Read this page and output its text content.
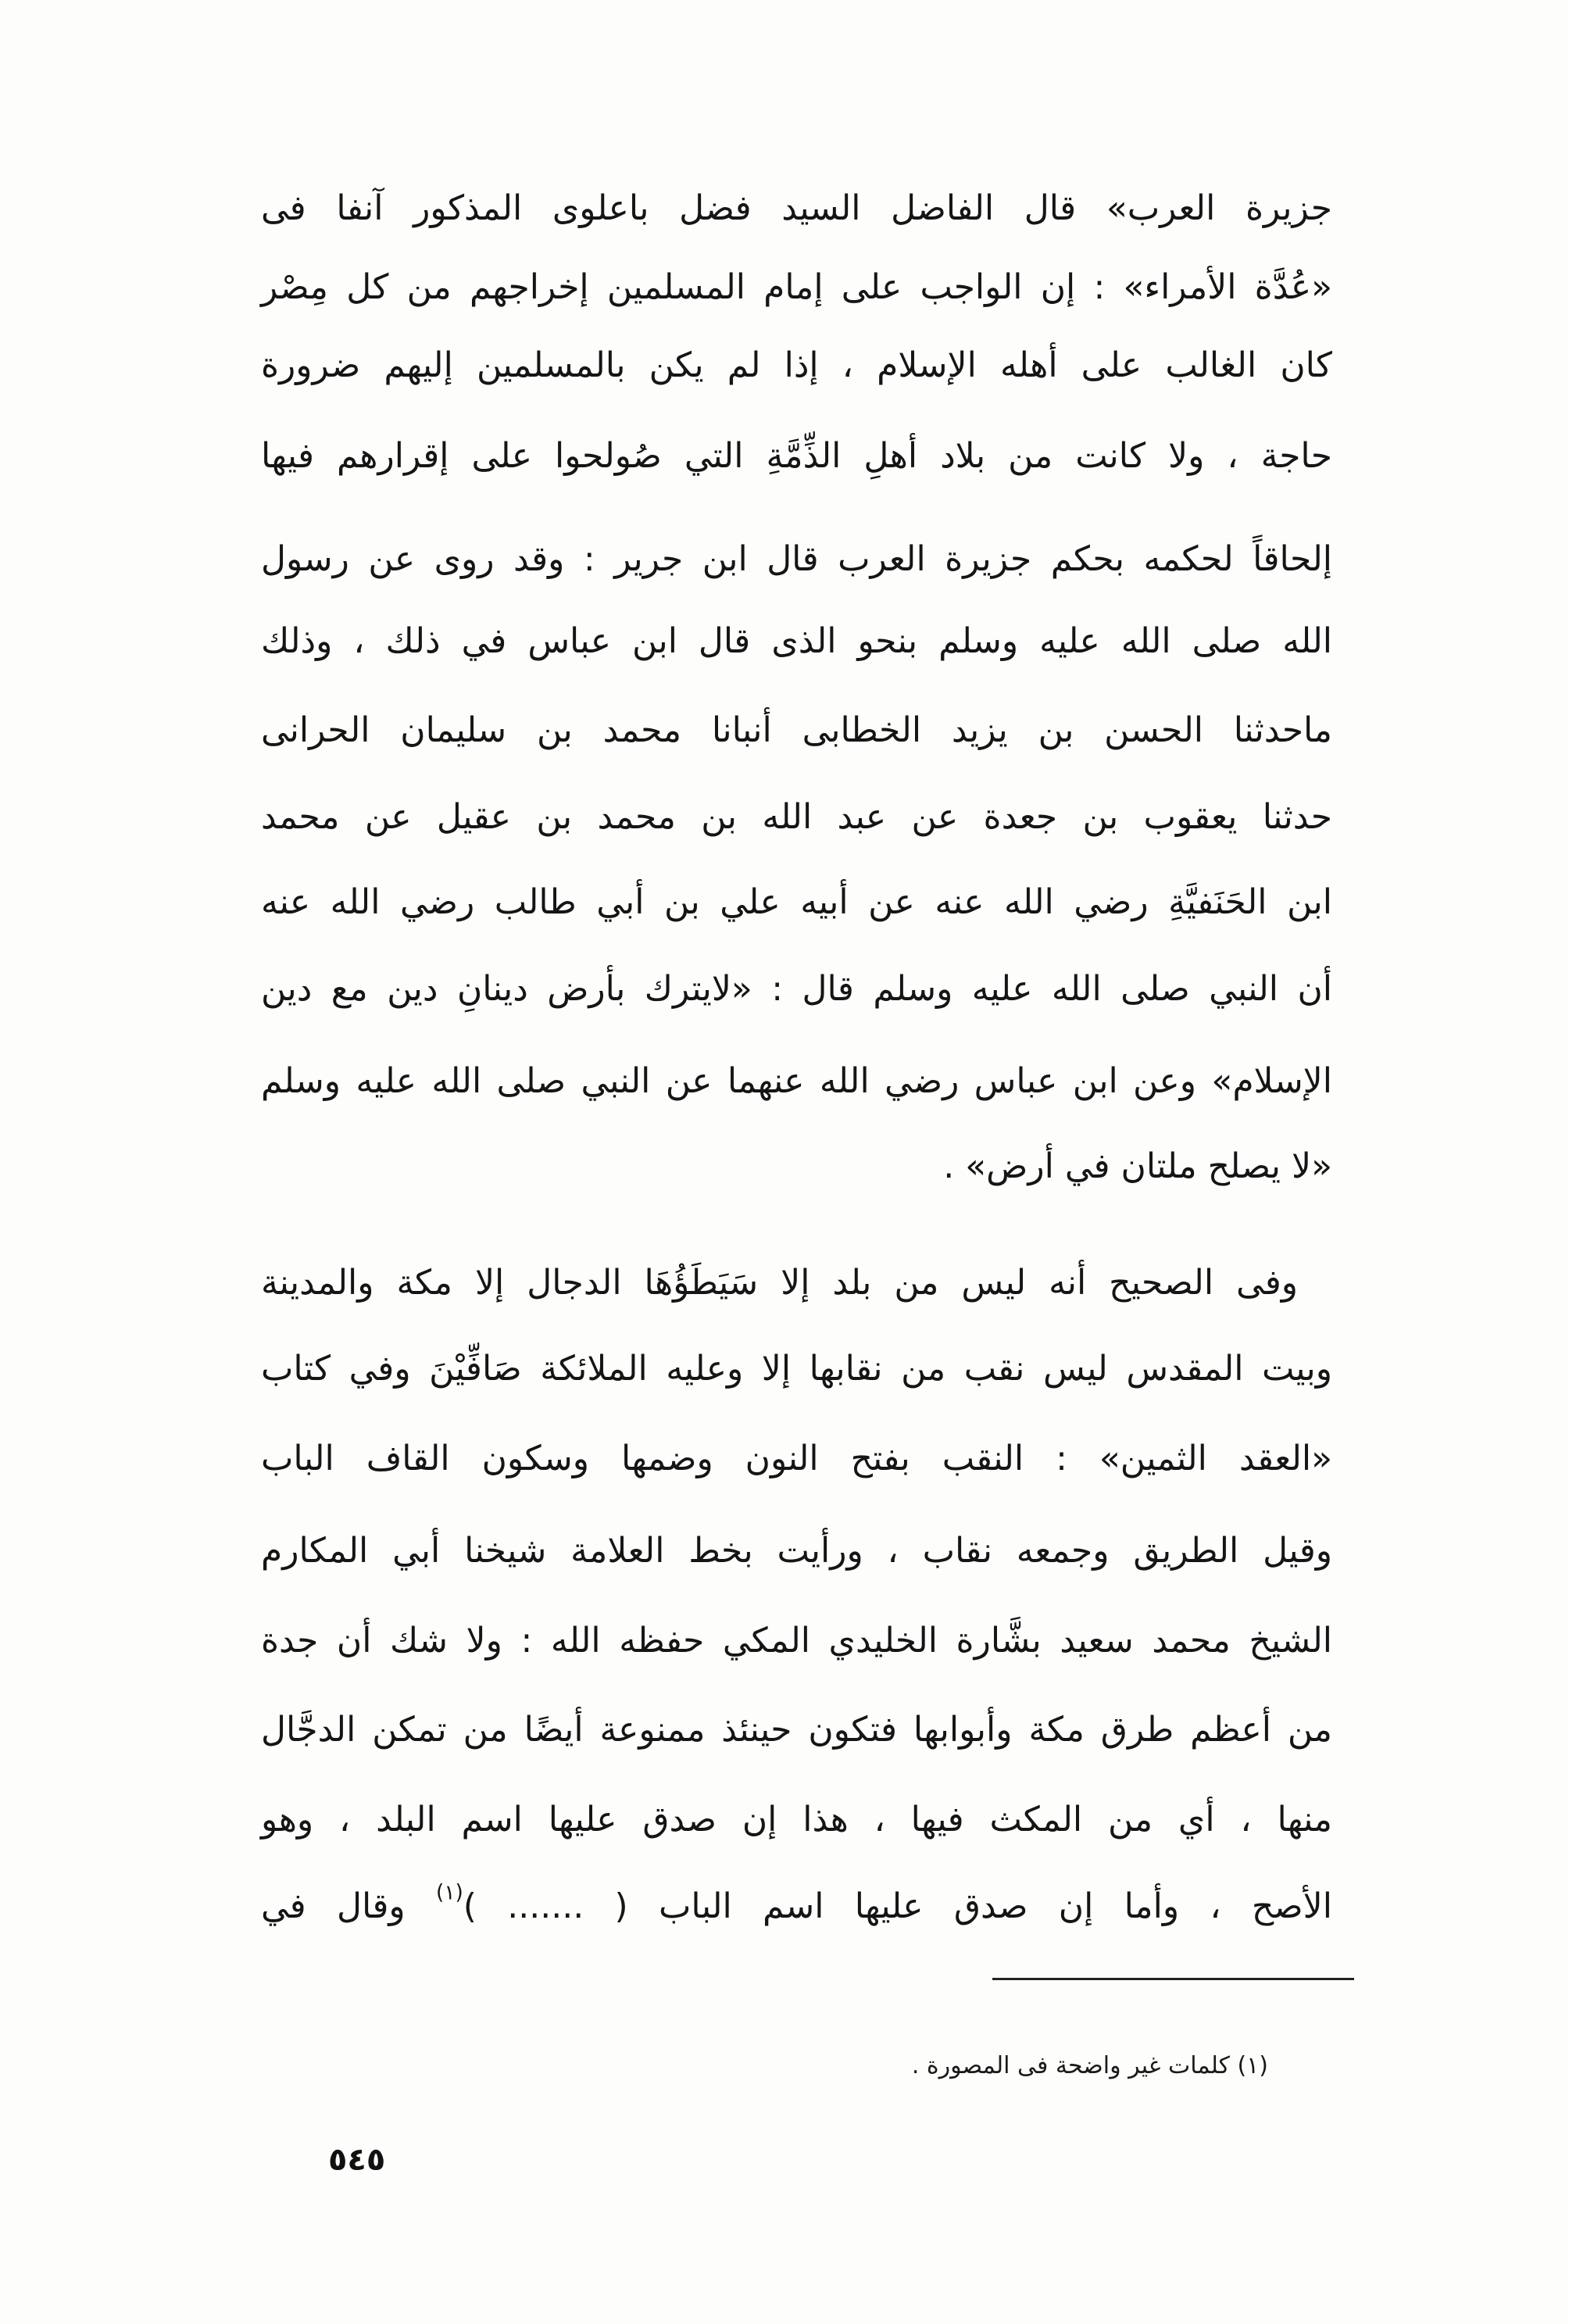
جزيرة العرب» قال الفاضل السيد فضل باعلوى المذكور آنفا فى
«عُدَّة الأمراء» : إن الواجب على إمام المسلمين إخراجهم من كل مِصْر
كان الغالب على أهله الإسلام ، إذا لم يكن بالمسلمين إليهم ضرورة
حاجة ، ولا كانت من بلاد أهلِ الذِّمَّةِ التي صُولحوا على إقرارهم فيها
إلحاقاً لحكمه بحكم جزيرة العرب قال ابن جرير : وقد روى عن رسول
الله صلى الله عليه وسلم بنحو الذى قال ابن عباس في ذلك ، وذلك
ماحدثنا الحسن بن يزيد الخطابى أنبانا محمد بن سليمان الحرانى
حدثنا يعقوب بن جعدة عن عبد الله بن محمد بن عقيل عن محمد
ابن الحَنَفيَّةِ رضي الله عنه عن أبيه علي بن أبي طالب رضي الله عنه
أن النبي صلى الله عليه وسلم قال : «لايترك بأرض دينانِ دين مع دين
الإسلام» وعن ابن عباس رضي الله عنهما عن النبي صلى الله عليه وسلم
«لا يصلح ملتان في أرض» .
وفى الصحيح أنه ليس من بلد إلا سَيَطَؤُهَا الدجال إلا مكة والمدينة
وبيت المقدس ليس نقب من نقابها إلا وعليه الملائكة صَافِّيْنَ وفي كتاب
«العقد الثمين» : النقب بفتح النون وضمها وسكون القاف الباب
وقيل الطريق وجمعه نقاب ، ورأيت بخط العلامة شيخنا أبي المكارم
الشيخ محمد سعيد بشَّارة الخليدي المكي حفظه الله : ولا شك أن جدة
من أعظم طرق مكة وأبوابها فتكون حينئذ ممنوعة أيضًا من تمكن الدجَّال
منها ، أي من المكث فيها ، هذا إن صدق عليها اسم البلد ، وهو
الأصح ، وأما إن صدق عليها اسم الباب ( ....... )$^{(١)}$ وقال في
(١) كلمات غير واضحة فى المصورة .
٥٤٥
